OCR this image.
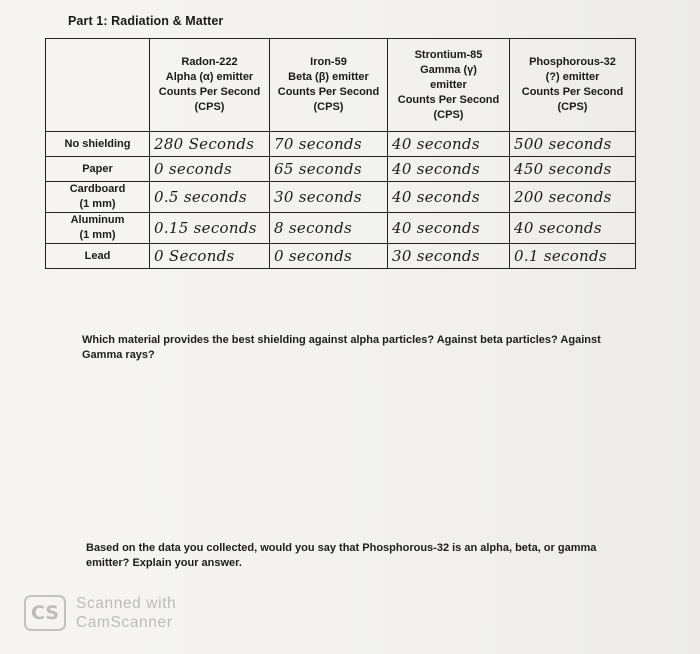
Part 1: Radiation & Matter

	Radon-222
Alpha (α) emitter
Counts Per Second
(CPS)	Iron-59
Beta (β) emitter
Counts Per Second
(CPS)	Strontium-85
Gamma (γ)
emitter
Counts Per Second
(CPS)	Phosphorous-32
(?) emitter
Counts Per Second
(CPS)

No shielding	280 Seconds	70 seconds	40 seconds	500 seconds
Paper	0 seconds	65 seconds	40 seconds	450 seconds

Cardboard
(1 mm)	0.5 seconds	30 seconds	40 seconds	200 seconds

Aluminum
(1 mm)	0.15 seconds	8 seconds	40 seconds	40 seconds
Lead	0 Seconds	0 seconds	30 seconds	0.1 seconds
Which material provides the best shielding against alpha particles? Against beta particles? Against Gamma rays?
Based on the data you collected, would you say that Phosphorous-32 is an alpha, beta, or gamma emitter? Explain your answer.
CS	Scanned with
CamScanner
